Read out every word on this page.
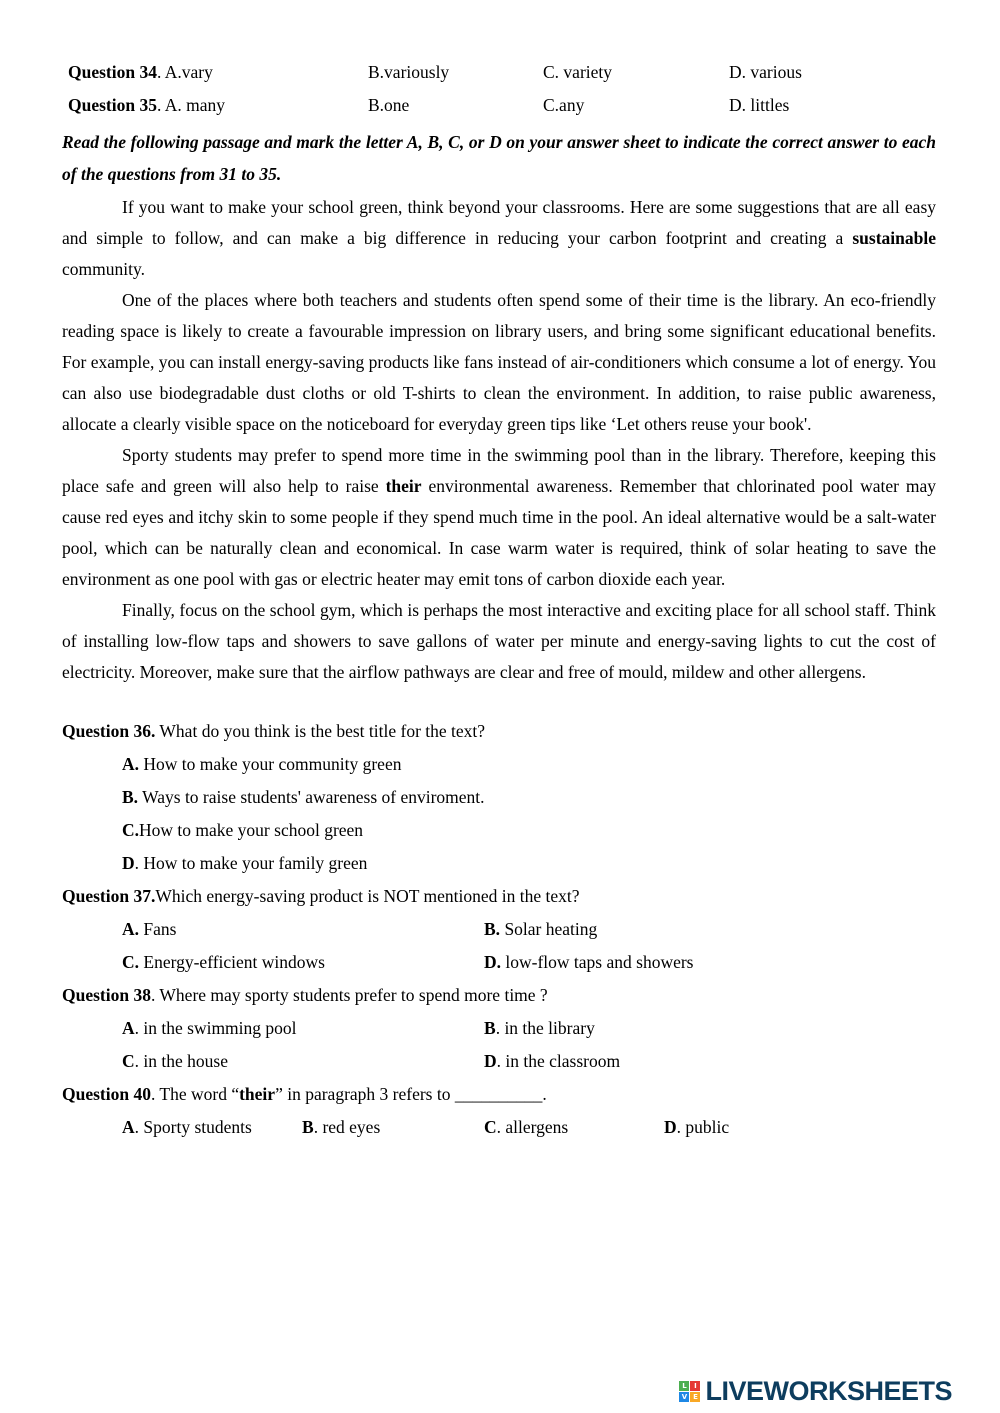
Question 34. A.vary	B.variously	C. variety	D. various
Question 35. A. many	B.one	C.any	D. littles
Read the following passage and mark the letter A, B, C, or D on your answer sheet to indicate the correct answer to each of the questions from 31 to 35.

If you want to make your school green, think beyond your classrooms. Here are some suggestions that are all easy and simple to follow, and can make a big difference in reducing your carbon footprint and creating a sustainable community.

One of the places where both teachers and students often spend some of their time is the library. An eco-friendly reading space is likely to create a favourable impression on library users, and bring some significant educational benefits. For example, you can install energy-saving products like fans instead of air-conditioners which consume a lot of energy. You can also use biodegradable dust cloths or old T-shirts to clean the environment. In addition, to raise public awareness, allocate a clearly visible space on the noticeboard for everyday green tips like ‘Let others reuse your book'.

Sporty students may prefer to spend more time in the swimming pool than in the library. Therefore, keeping this place safe and green will also help to raise their environmental awareness. Remember that chlorinated pool water may cause red eyes and itchy skin to some people if they spend much time in the pool. An ideal alternative would be a salt-water pool, which can be naturally clean and economical. In case warm water is required, think of solar heating to save the environment as one pool with gas or electric heater may emit tons of carbon dioxide each year.

Finally, focus on the school gym, which is perhaps the most interactive and exciting place for all school staff. Think of installing low-flow taps and showers to save gallons of water per minute and energy-saving lights to cut the cost of electricity. Moreover, make sure that the airflow pathways are clear and free of mould, mildew and other allergens.

Question 36. What do you think is the best title for the text?
A. How to make your community green
B. Ways to raise students' awareness of enviroment.
C.How to make your school green
D. How to make your family green
Question 37.Which energy-saving product is NOT mentioned in the text?
A. Fans	B. Solar heating
C. Energy-efficient windows	D. low-flow taps and showers
Question 38. Where may sporty students prefer to spend more time ?
A. in the swimming pool	B. in the library
C. in the house	D. in the classroom
Question 40. The word “their” in paragraph 3 refers to __________.
A. Sporty students	B. red eyes	C. allergens	D. public
L	I
V E LIVEWORKSHEETS
